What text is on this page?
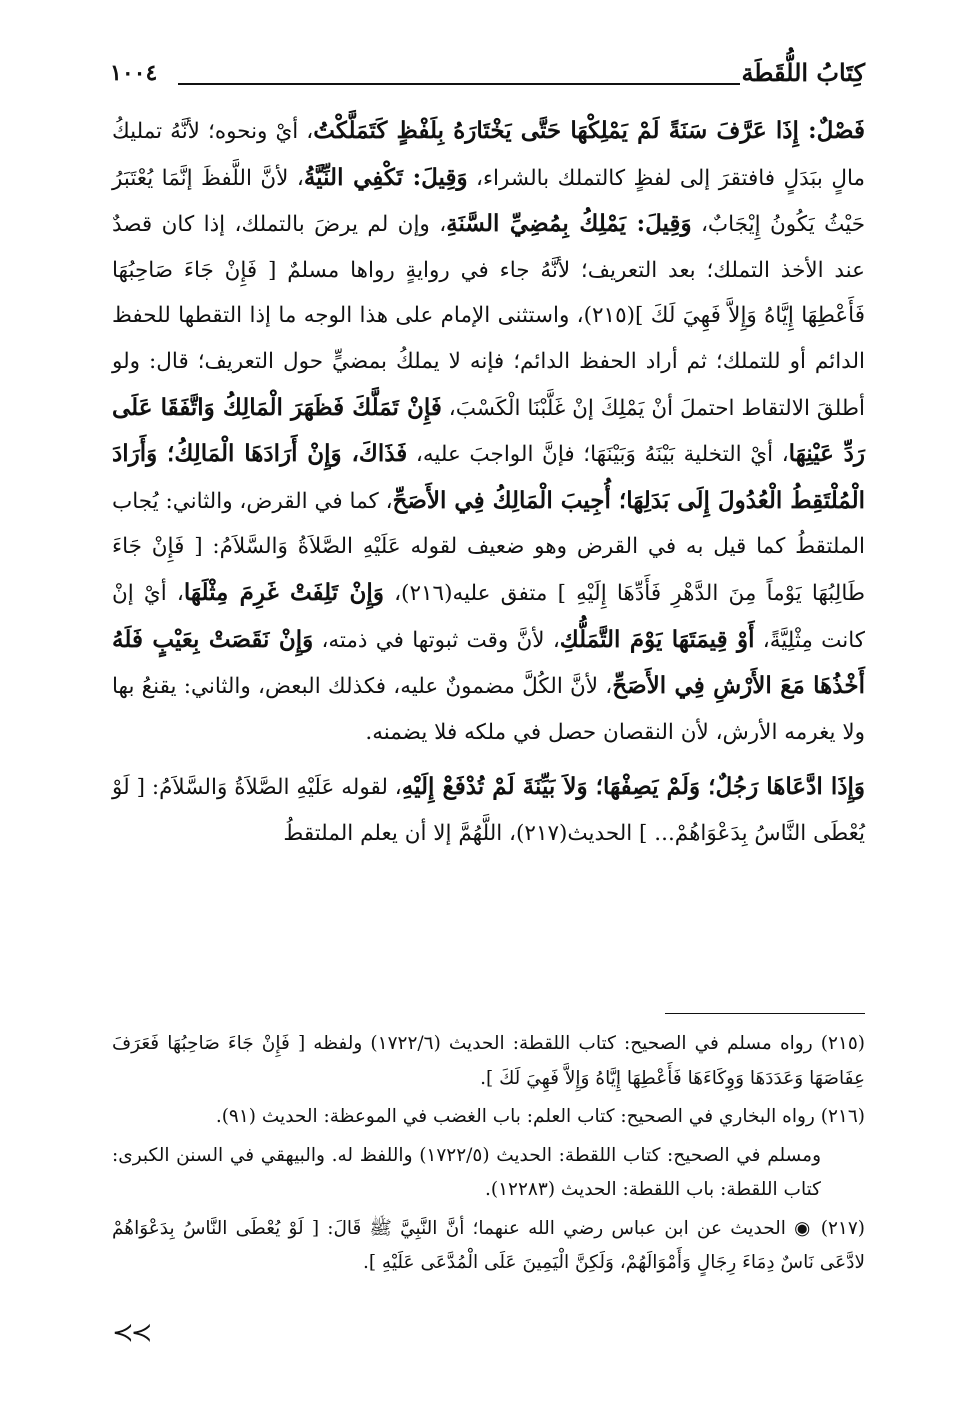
كِتَابُ اللُّقَطَة
١٠٠٤

فَصْلٌ: إِذَا عَرَّفَ سَنَةً لَمْ يَمْلِكْهَا حَتَّى يَخْتَارَهُ بِلَفْظٍ كَتَمَلَّكْتُ، أيْ ونحوه؛ لأنَّهُ تمليكُ مالٍ ببَدَلٍ فافتقرَ إلى لفظٍ كالتملك بالشراء، وَقِيلَ: تَكْفِي النِّيَّةُ، لأنَّ اللَّفظَ إنَّمَا يُعْتَبَرُ حَيْثُ يَكُونُ إِيْجَابٌ، وَقِيلَ: يَمْلِكُ بِمُضِيِّ السَّنَةِ، وإن لم يرضَ بالتملك، إذا كان قصدٌ عند الأخذ التملك؛ بعد التعريف؛ لأنَّهُ جاء في روايةٍ رواها مسلمٌ [ فَإِنْ جَاءَ صَاحِبُهَا فَأَعْطِهَا إِيَّاهُ وَإِلاَّ فَهِيَ لَكَ ](٢١٥)، واستثنى الإمام على هذا الوجه ما إذا التقطها للحفظ الدائم أو للتملك؛ ثم أراد الحفظ الدائم؛ فإنه لا يملكُ بمضيٍّ حول التعريف؛ قال: ولو أطلقَ الالتقاط احتملَ أنْ يَمْلِكَ إنْ غَلَّبْنَا الْكَسْبَ، فَإِنْ تَمَلَّكَ فَظَهَرَ الْمَالِكُ وَاتَّفَقَا عَلَى رَدِّ عَيْنِهَا، أيْ التخلية بَيْنَهُ وَبَيْنَهَا؛ فإنَّ الواجبَ عليه، فَذَاكَ، وَإِنْ أَرَادَهَا الْمَالِكُ؛ وَأَرَادَ الْمُلْتَقِطُ الْعُدُولَ إِلَى بَدَلِهَا؛ أُجِيبَ الْمَالِكُ فِي الأَصَحِّ، كما في القرض، والثاني: يُجاب الملتقطُ كما قيل به في القرض وهو ضعيف لقوله عَلَيْهِ الصَّلاَةُ وَالسَّلاَمُ: [ فَإِنْ جَاءَ طَالِبُهَا يَوْماً مِنَ الدَّهْرِ فَأَدِّهَا إِلَيْهِ ] متفق عليه(٢١٦)، وَإِنْ تَلِفَتْ غَرِمَ مِثْلَهَا، أيْ إنْ كانت مِثْلِيَّةً، أَوْ قِيمَتَهَا يَوْمَ التَّمَلُّكِ، لأنَّ وقت ثبوتها في ذمته، وَإِنْ نَقَصَتْ بِعَيْبٍ فَلَهُ أَخْذُهَا مَعَ الأَرْشِ فِي الأَصَحِّ، لأنَّ الكُلَّ مضمونٌ عليه، فكذلك البعض، والثاني: يقنعُ بها ولا يغرمه الأرش، لأن النقصان حصل في ملكه فلا يضمنه.

وَإِذَا ادَّعَاهَا رَجُلٌ؛ وَلَمْ يَصِفْهَا؛ وَلاَ بَيِّنَةَ لَمْ تُدْفَعْ إِلَيْهِ، لقوله عَلَيْهِ الصَّلاَةُ وَالسَّلاَمُ: [ لَوْ يُعْطَى النَّاسُ بِدَعْوَاهُمْ... ] الحديث(٢١٧)، اللَّهُمَّ إلا أن يعلم الملتقطُ

(٢١٥) رواه مسلم في الصحيح: كتاب اللقطة: الحديث (١٧٢٢/٦) ولفظه [ فَإِنْ جَاءَ صَاحِبُهَا فَعَرَفَ عِفَاصَهَا وَعَدَدَهَا وَوِكَاءَهَا فَأَعْطِهَا إِيَّاهُ وَإِلاَّ فَهِيَ لَكَ ].

(٢١٦) رواه البخاري في الصحيح: كتاب العلم: باب الغضب في الموعظة: الحديث (٩١).

ومسلم في الصحيح: كتاب اللقطة: الحديث (١٧٢٢/٥) واللفظ له. والبيهقي في السنن الكبرى: كتاب اللقطة: باب اللقطة: الحديث (١٢٢٨٣).

(٢١٧) ◉ الحديث عن ابن عباس رضي الله عنهما؛ أنَّ النَّبِيَّ ﷺ قَالَ: [ لَوْ يُعْطَى النَّاسُ بِدَعْوَاهُمْ لادَّعَى نَاسٌ دِمَاءَ رِجَالٍ وَأَمْوَالَهُمْ، وَلَكِنَّ الْيَمِينَ عَلَى الْمُدَّعَى عَلَيْهِ ].

≺≺
